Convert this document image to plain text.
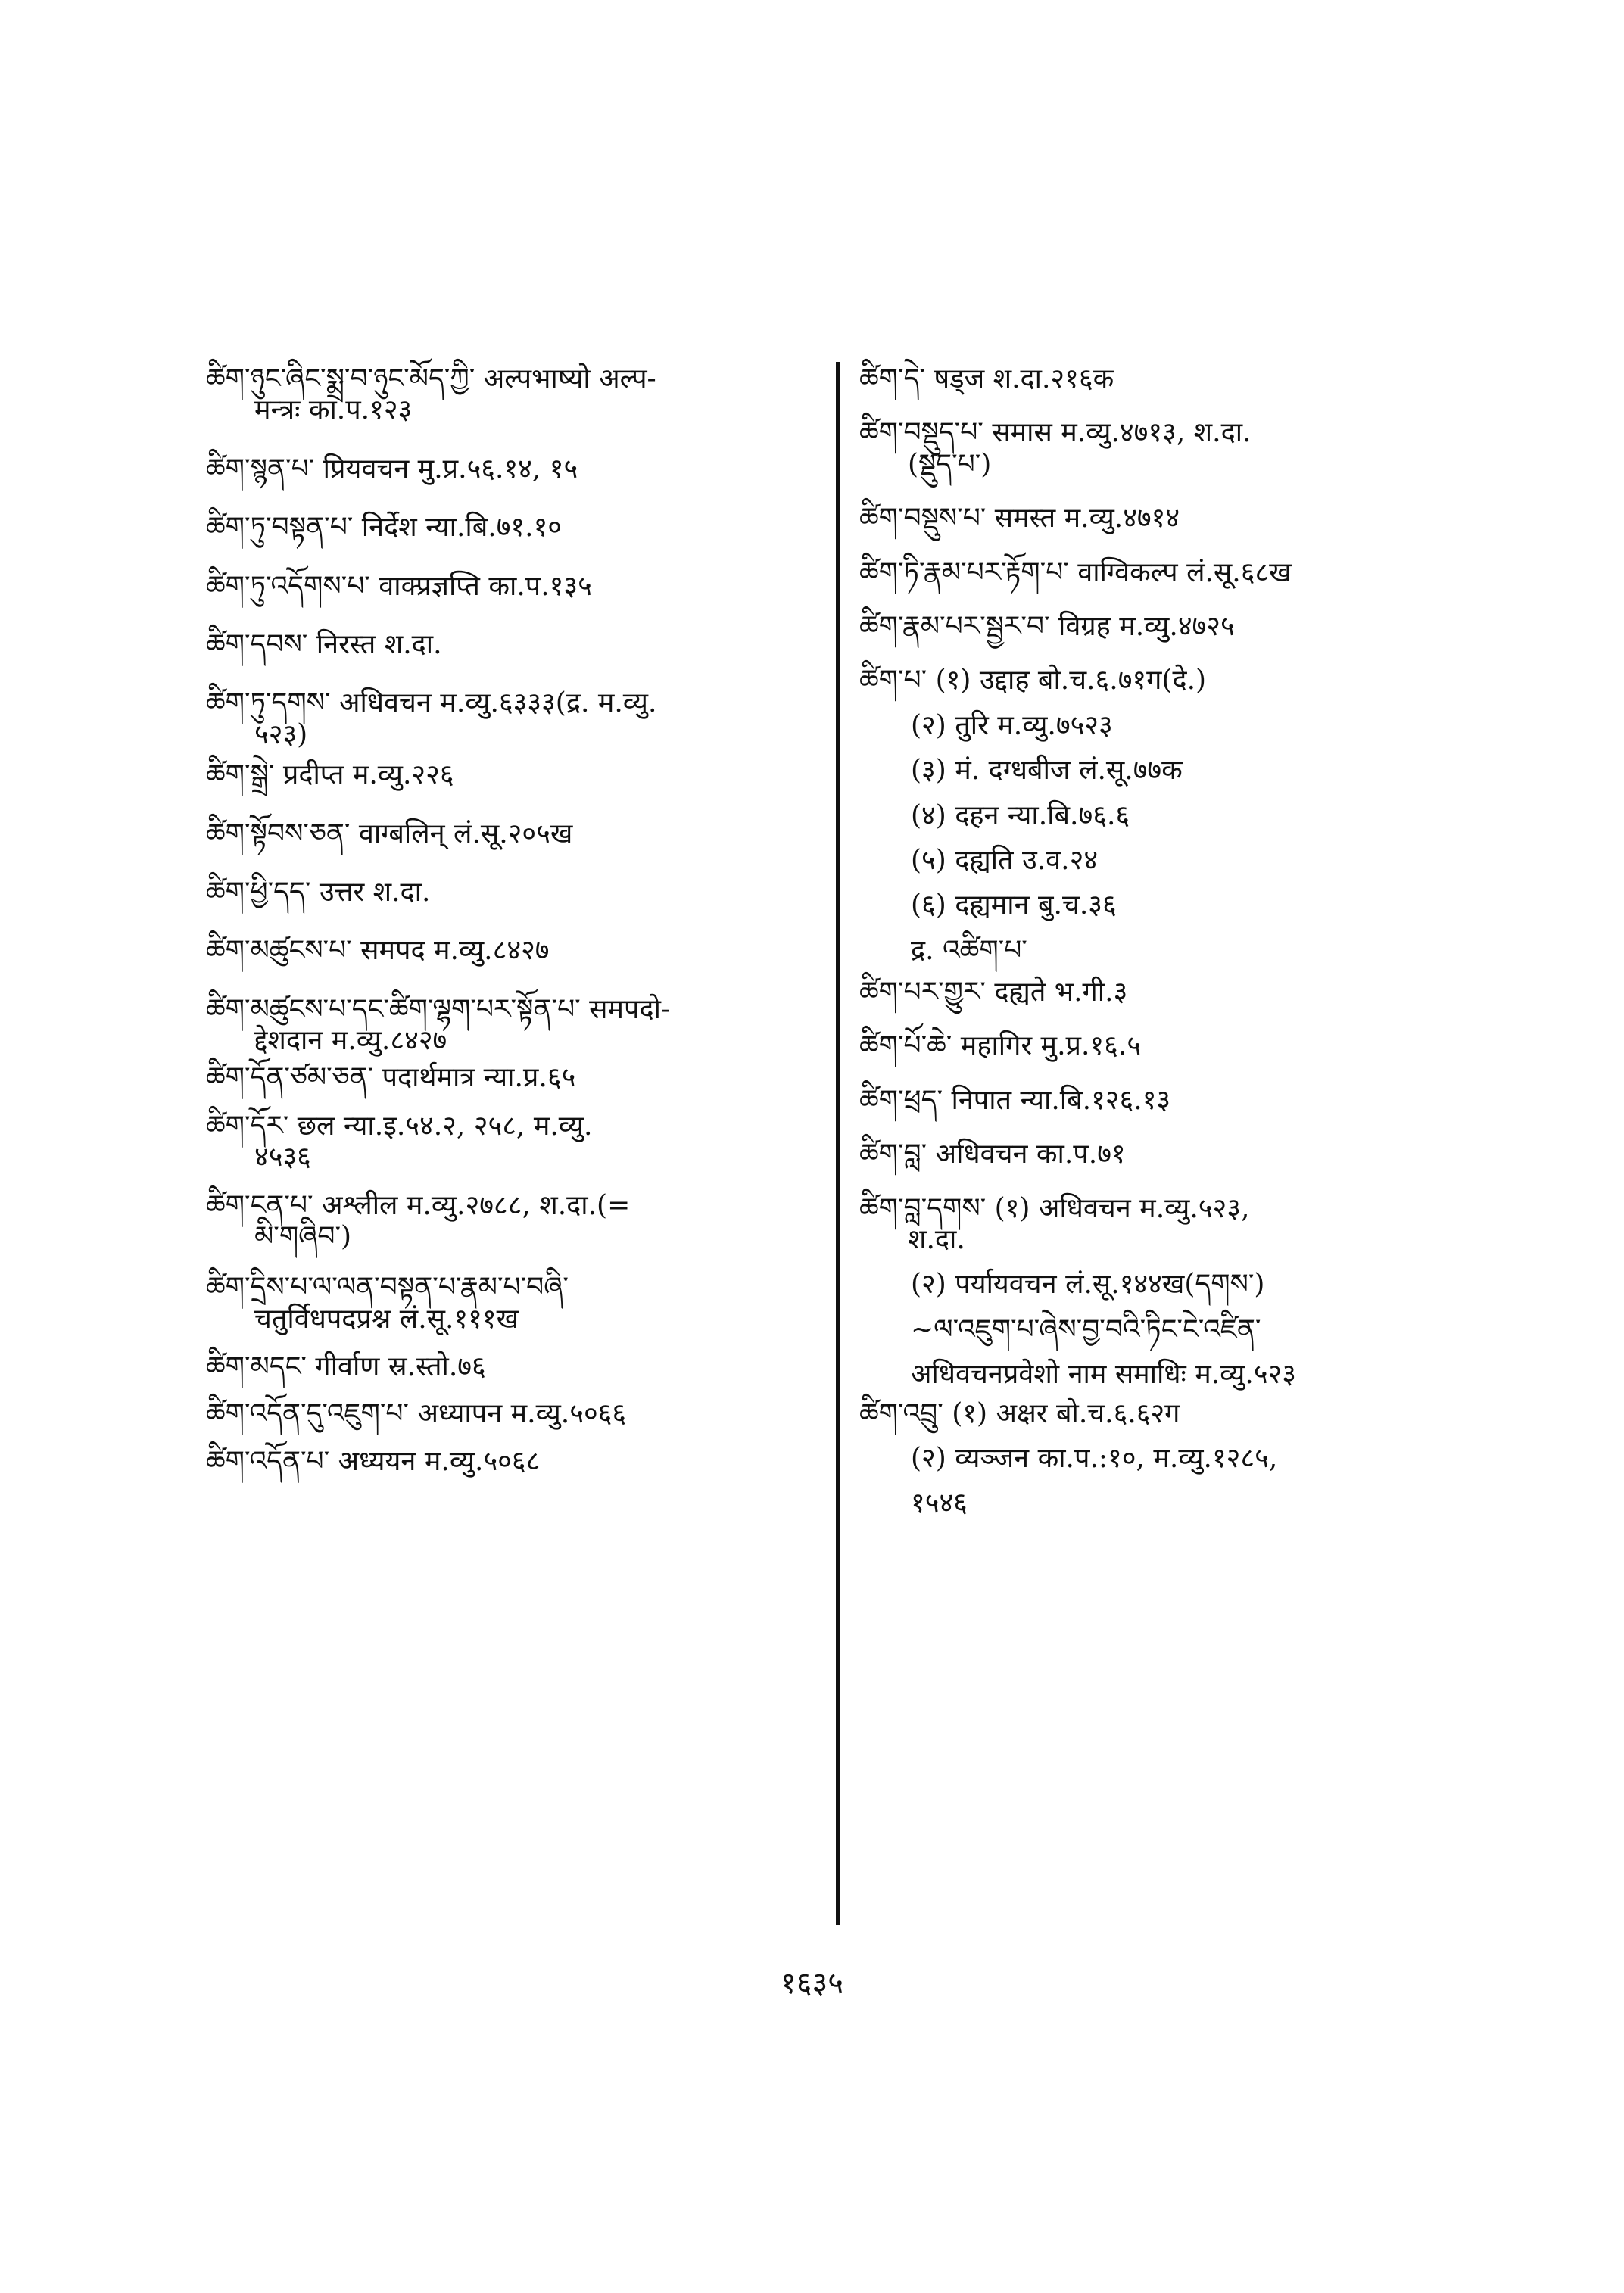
ཚིག་ཉུང་ཞིང་སྨྲ་བ་ཉུང་མོད་ཀྱི་ अल्पभाष्यो अल्प-
मन्त्रः का.प.१२३
ཚིག་སྙན་པ་ प्रियवचन मु.प्र.५६.१४, १५
ཚིག་ཏུ་བསྟན་པ་ निर्देश न्या.बि.७१.१०
ཚིག་ཏུ་འདོགས་པ་ वाक्प्रज्ञप्ति का.प.१३५
ཚིག་དབས་ निरस्त श.दा.
ཚིག་ཏུ་དགས་ अधिवचन म.व्यु.६३३३(द्र. म.व्यु.
५२३)
ཚིག་སྒྲེ་ प्रदीप्त म.व्यु.२२६
ཚིག་སྟོབས་ཅན་ वाग्बलिन् लं.सू.२०५ख
ཚིག་ཕྱི་དད་ उत्तर श.दा.
ཚིག་མཚུངས་པ་ समपद म.व्यु.८४२७
ཚིག་མཚུངས་པ་དང་ཚིག་ལྷག་པར་སྟོན་པ་ समपदो-
द्देशदान म.व्यु.८४२७
ཚིག་དོན་ཙམ་ཅན་ पदार्थमात्र न्या.प्र.६५
ཚིག་དོར་ छल न्या.इ.५४.२, २५८, म.व्यु.
४५३६
ཚིག་ངན་པ་ अश्लील म.व्यु.२७८८, श.दा.(=
མི་གཞིབ་)
ཚིག་དྲིས་པ་ལ་ལན་བསྟན་པ་རྣམ་པ་བཞི་
चतुर्विधपदप्रश्न लं.सू.१११ख
ཚིག་མདང་ गीर्वाण स्र.स्तो.७६
ཚིག་འདོན་དུ་འཇུག་པ་ अध्यापन म.व्यु.५०६६
ཚིག་འདོན་པ་ अध्ययन म.व्यु.५०६८
ཚིག་དེ་ षड्ज श.दा.२१६क
ཚིག་བསྡུད་པ་ समास म.व्यु.४७१३, श.दा.
(སྡུད་པ་)
ཚིག་བསྡུས་པ་ समस्त म.व्यु.४७१४
ཚིག་ཏི་རྣམ་པར་རྟོག་པ་ वाग्विकल्प लं.सू.६८ख
ཚིག་རྣམ་པར་སྦྱར་བ་ विग्रह म.व्यु.४७२५
ཚིག་པ་ (१) उद्दाह बो.च.६.७१ग(दे.)
(२) तुरि म.व्यु.७५२३
(३) मं. दग्धबीज लं.सू.७७क
(४) दहन न्या.बि.७६.६
(५) दह्यति उ.व.२४
(६) दह्यमान बु.च.३६
द्र. འཚིག་པ་
ཚིག་པར་གྱུར་ दह्यते भ.गी.३
ཚིག་པོ་ཆེ་ महागिर मु.प्र.१६.५
ཚིག་ཕྲད་ निपात न्या.बि.१२६.१३
ཚིག་བླ་ अधिवचन का.प.७१
ཚིག་བླ་དགས་ (१) अधिवचन म.व्यु.५२३,
श.दा.
(२) पर्यायवचन लं.सू.१४४ख(དགས་)
~ལ་འཇུག་པ་ཞེས་བྱ་བའི་ཏིང་ངེ་འཛིན་
अधिवचनप्रवेशो नाम समाधिः म.व्यु.५२३
ཚིག་འབྲུ་ (१) अक्षर बो.च.६.६२ग
(२) व्यञ्जन का.प.:१०, म.व्यु.१२८५,
१५४६
१६३५
